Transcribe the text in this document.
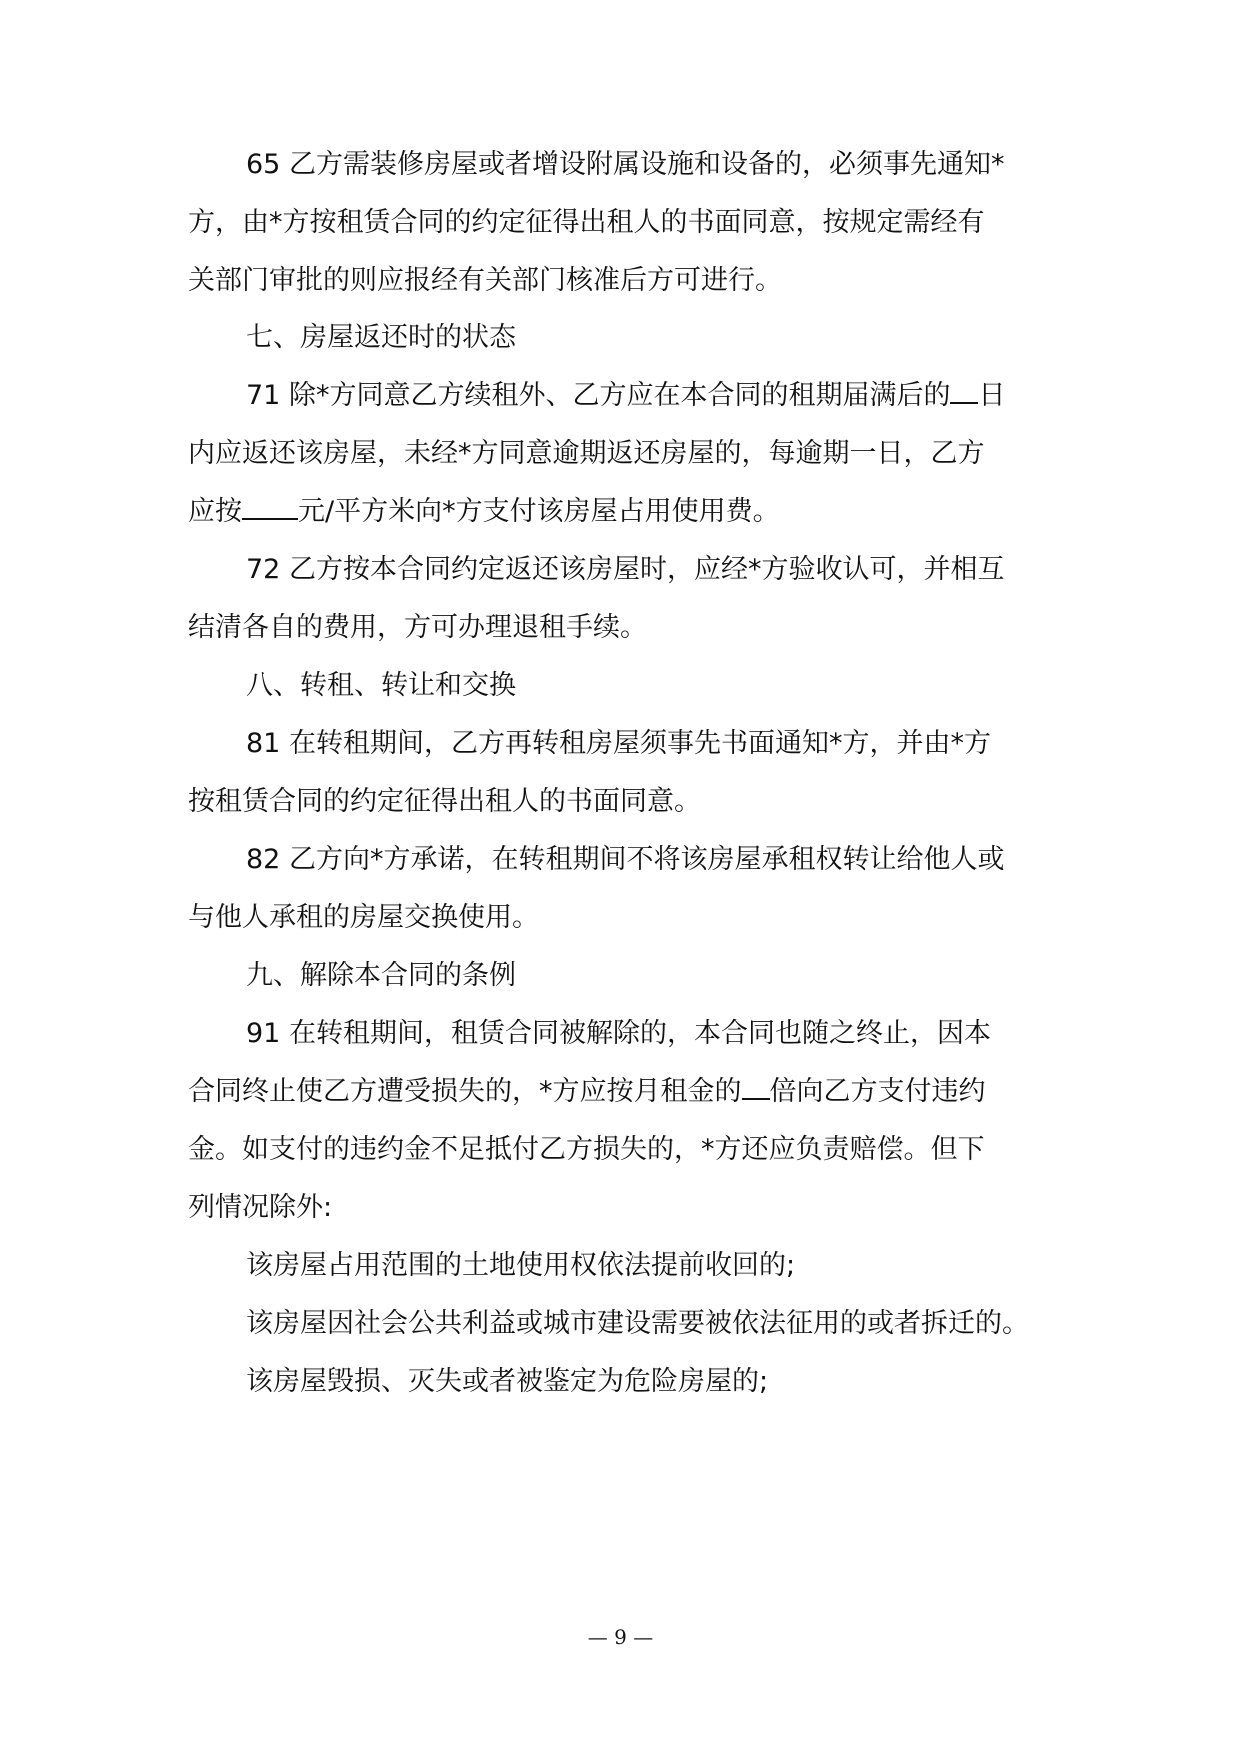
65 乙方需装修房屋或者增设附属设施和设备的，必须事先通知*
方，由*方按租赁合同的约定征得出租人的书面同意，按规定需经有
关部门审批的则应报经有关部门核准后方可进行。
七、房屋返还时的状态
71 除*方同意乙方续租外、乙方应在本合同的租期届满后的 日
内应返还该房屋，未经*方同意逾期返还房屋的，每逾期一日，乙方
应按 元/平方米向*方支付该房屋占用使用费。
72 乙方按本合同约定返还该房屋时，应经*方验收认可，并相互
结清各自的费用，方可办理退租手续。
八、转租、转让和交换
81 在转租期间，乙方再转租房屋须事先书面通知*方，并由*方
按租赁合同的约定征得出租人的书面同意。
82 乙方向*方承诺，在转租期间不将该房屋承租权转让给他人或
与他人承租的房屋交换使用。
九、解除本合同的条例
91 在转租期间，租赁合同被解除的，本合同也随之终止，因本
合同终止使乙方遭受损失的，*方应按月租金的 倍向乙方支付违约
金。如支付的违约金不足抵付乙方损失的，*方还应负责赔偿。但下
列情况除外:
该房屋占用范围的土地使用权依法提前收回的;
该房屋因社会公共利益或城市建设需要被依法征用的或者拆迁的。
该房屋毁损、灭失或者被鉴定为危险房屋的;
— 9 —
